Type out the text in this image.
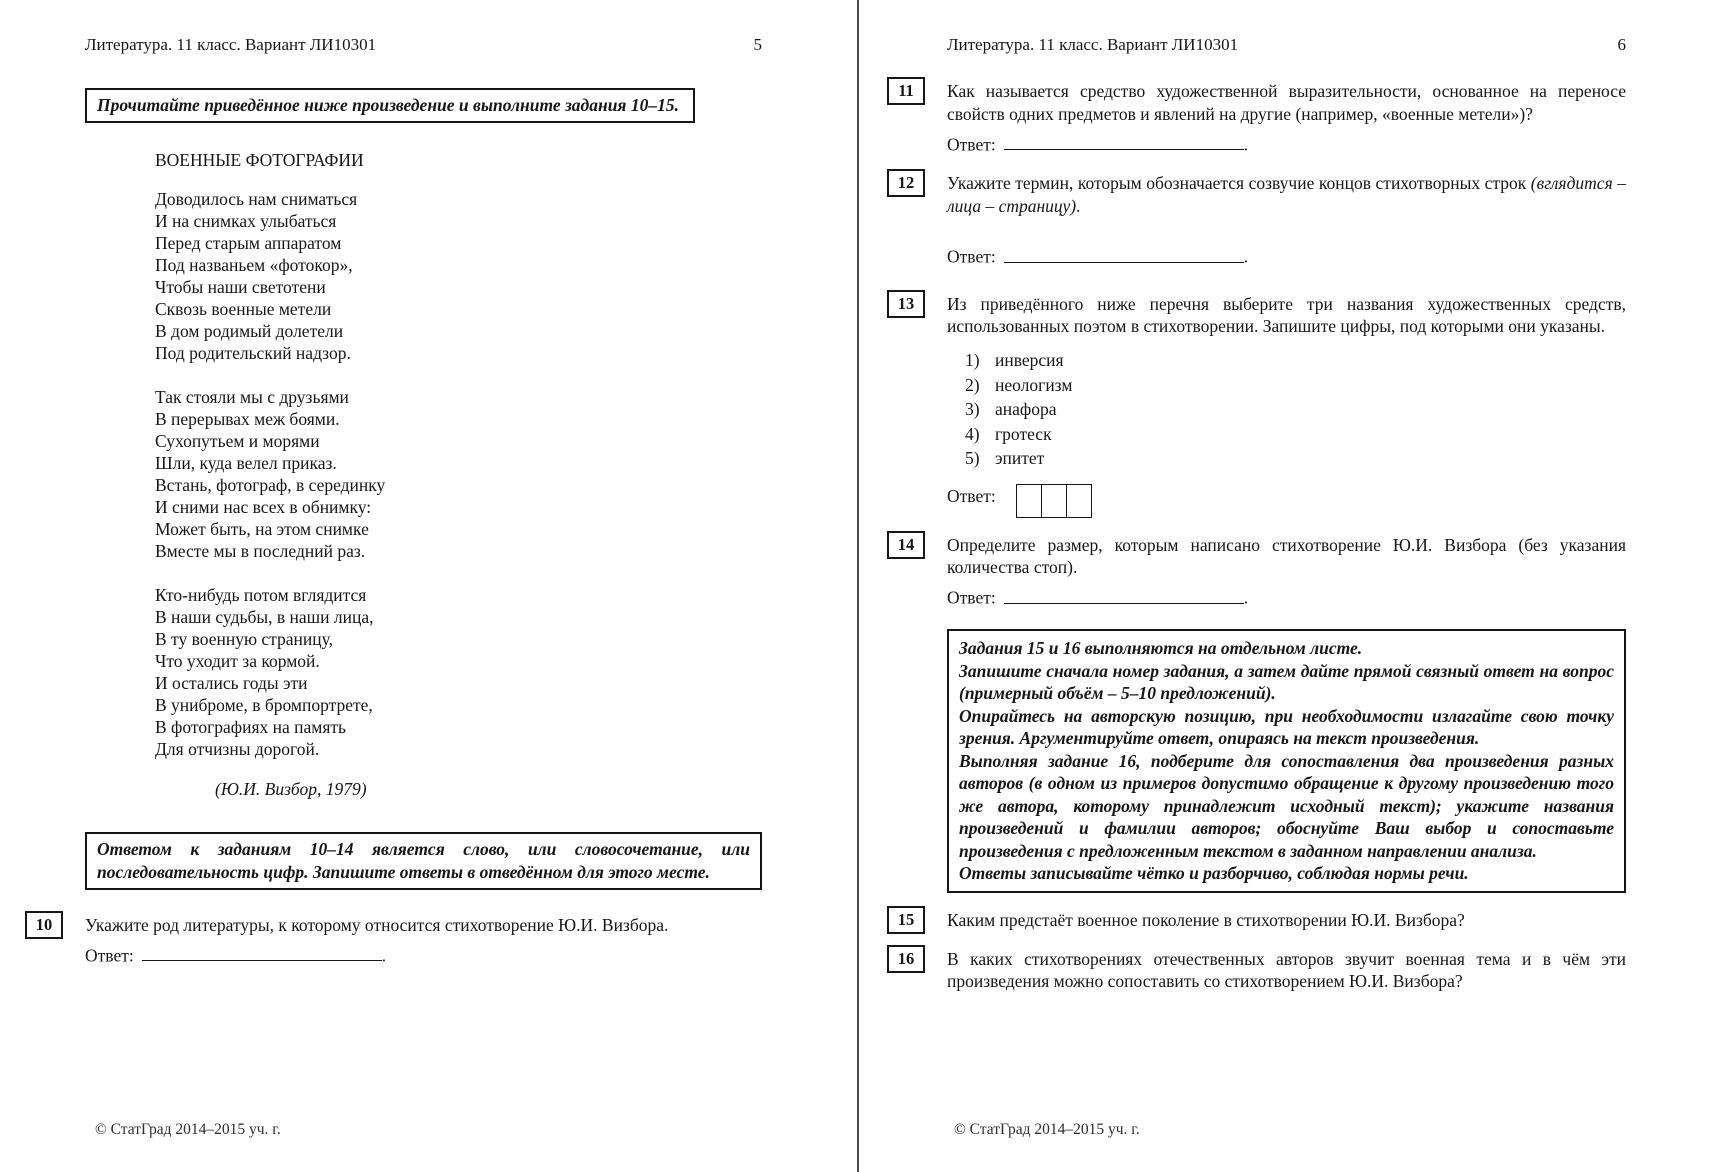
Литература. 11 класс. Вариант ЛИ10301	5
Прочитайте приведённое ниже произведение и выполните задания 10–15.
ВОЕННЫЕ ФОТОГРАФИИ
Доводилось нам сниматься
И на снимках улыбаться
Перед старым аппаратом
Под названьем «фотокор»,
Чтобы наши светотени
Сквозь военные метели
В дом родимый долетели
Под родительский надзор.
Так стояли мы с друзьями
В перерывах меж боями.
Сухопутьем и морями
Шли, куда велел приказ.
Встань, фотограф, в серединку
И сними нас всех в обнимку:
Может быть, на этом снимке
Вместе мы в последний раз.
Кто-нибудь потом вглядится
В наши судьбы, в наши лица,
В ту военную страницу,
Что уходит за кормой.
И остались годы эти
В униброме, в бромпортрете,
В фотографиях на память
Для отчизны дорогой.
(Ю.И. Визбор, 1979)
Ответом к заданиям 10–14 является слово, или словосочетание, или последовательность цифр. Запишите ответы в отведённом для этого месте.
10	Укажите род литературы, к которому относится стихотворение Ю.И. Визбора.

Ответ:	.
© СтатГрад 2014–2015 уч. г.
Литература. 11 класс. Вариант ЛИ10301	6
11	Как называется средство художественной выразительности, основанное на переносе свойств одних предметов и явлений на другие (например, «военные метели»)?

Ответ:	.
12	Укажите термин, которым обозначается созвучие концов стихотворных строк (вглядится – лица – страницу).

Ответ:	.
13	Из приведённого ниже перечня выберите три названия художественных средств, использованных поэтом в стихотворении. Запишите цифры, под которыми они указаны.

1) инверсия
2) неологизм
3) анафора
4) гротеск
5) эпитет
Ответ:
14	Определите размер, которым написано стихотворение Ю.И. Визбора (без указания количества стоп).

Ответ:	.

Задания 15 и 16 выполняются на отдельном листе.

Запишите сначала номер задания, а затем дайте прямой связный ответ на вопрос (примерный объём – 5–10 предложений).

Опирайтесь на авторскую позицию, при необходимости излагайте свою точку зрения. Аргументируйте ответ, опираясь на текст произведения.

Выполняя задание 16, подберите для сопоставления два произведения разных авторов (в одном из примеров допустимо обращение к другому произведению того же автора, которому принадлежит исходный текст); укажите названия произведений и фамилии авторов; обоснуйте Ваш выбор и сопоставьте произведения с предложенным текстом в заданном направлении анализа.

Ответы записывайте чётко и разборчиво, соблюдая нормы речи.

15	Каким предстаёт военное поколение в стихотворении Ю.И. Визбора?

16	В каких стихотворениях отечественных авторов звучит военная тема и в чём эти произведения можно сопоставить со стихотворением Ю.И. Визбора?

© СтатГрад 2014–2015 уч. г.
